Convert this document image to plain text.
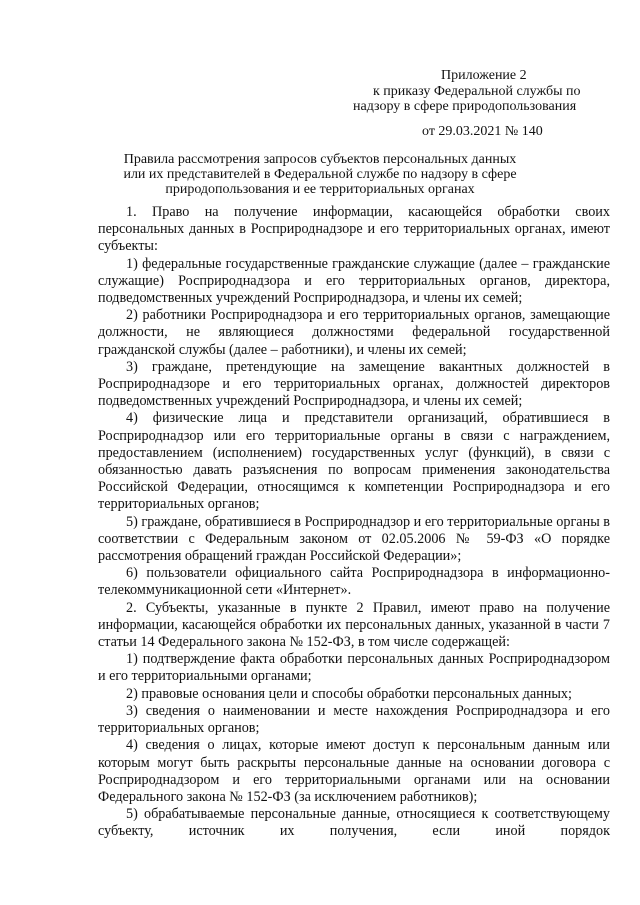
Приложение 2
к приказу Федеральной службы по
надзору в сфере природопользования
от 29.03.2021 № 140
Правила рассмотрения запросов субъектов персональных данных
или их представителей в Федеральной службе по надзору в сфере
природопользования и ее территориальных органах

1. Право на получение информации, касающейся обработки своих персональных данных в Росприроднадзоре и его территориальных органах, имеют субъекты:

1) федеральные государственные гражданские служащие (далее – гражданские служащие) Росприроднадзора и его территориальных органов, директора, подведомственных учреждений Росприроднадзора, и члены их семей;

2) работники Росприроднадзора и его территориальных органов, замещающие должности, не являющиеся должностями федеральной государственной гражданской службы (далее – работники), и члены их семей;

3) граждане, претендующие на замещение вакантных должностей в Росприроднадзоре и его территориальных органах, должностей директоров подведомственных учреждений Росприроднадзора, и члены их семей;

4) физические лица и представители организаций, обратившиеся в Росприроднадзор или его территориальные органы в связи с награждением, предоставлением (исполнением) государственных услуг (функций), в связи с обязанностью давать разъяснения по вопросам применения законодательства Российской Федерации, относящимся к компетенции Росприроднадзора и его территориальных органов;

5) граждане, обратившиеся в Росприроднадзор и его территориальные органы в соответствии с Федеральным законом от 02.05.2006 № 59-ФЗ «О порядке рассмотрения обращений граждан Российской Федерации»;

6) пользователи официального сайта Росприроднадзора в информационно-телекоммуникационной сети «Интернет».

2. Субъекты, указанные в пункте 2 Правил, имеют право на получение информации, касающейся обработки их персональных данных, указанной в части 7 статьи 14 Федерального закона № 152-ФЗ, в том числе содержащей:

1) подтверждение факта обработки персональных данных Росприроднадзором и его территориальными органами;

2) правовые основания цели и способы обработки персональных данных;

3) сведения о наименовании и месте нахождения Росприроднадзора и его территориальных органов;

4) сведения о лицах, которые имеют доступ к персональным данным или которым могут быть раскрыты персональные данные на основании договора с Росприроднадзором и его территориальными органами или на основании Федерального закона № 152-ФЗ (за исключением работников);

5) обрабатываемые персональные данные, относящиеся к соответствующему субъекту, источник их получения, если иной порядок
